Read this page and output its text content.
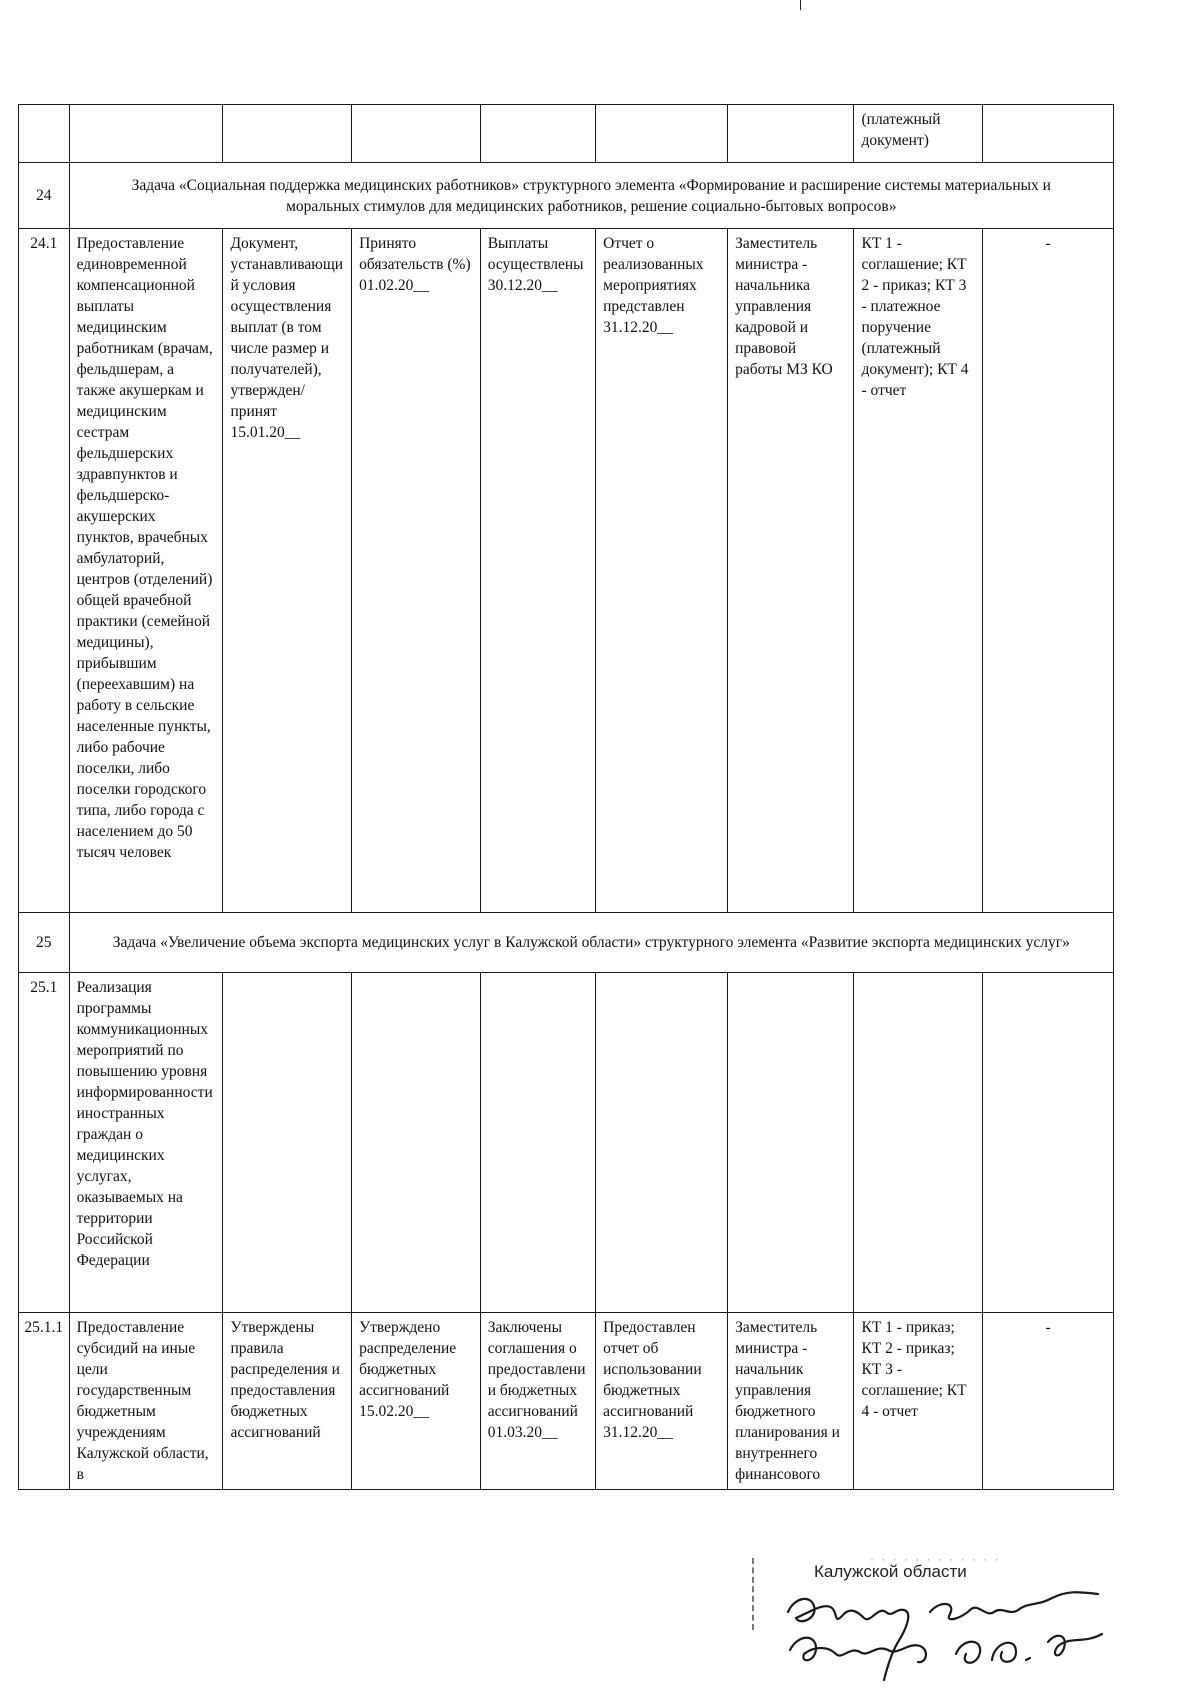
							(платежный документ)	
24	Задача «Социальная поддержка медицинских работников» структурного элемента «Формирование и расширение системы материальных и моральных стимулов для медицинских работников, решение социально-бытовых вопросов»							
24.1	Предоставление единовременной компенсационной выплаты медицинским работникам (врачам, фельдшерам, а также акушеркам и медицинским сестрам фельдшерских здравпунктов и фельдшерско-акушерских пунктов, врачебных амбулаторий, центров (отделений) общей врачебной практики (семейной медицины), прибывшим (переехавшим) на работу в сельские населенные пункты, либо рабочие поселки, либо поселки городского типа, либо города с населением до 50 тысяч человек	Документ, устанавливающий условия осуществления выплат (в том числе размер и получателей), утвержден/принят 15.01.20__	Принято обязательств (%) 01.02.20__	Выплаты осуществлены 30.12.20__	Отчет о реализованных мероприятиях представлен 31.12.20__	Заместитель министра - начальника управления кадровой и правовой работы МЗ КО	КТ 1 - соглашение; КТ 2 - приказ; КТ 3 - платежное поручение (платежный документ); КТ 4 - отчет	-
25	Задача «Увеличение объема экспорта медицинских услуг в Калужской области» структурного элемента «Развитие экспорта медицинских услуг»							
25.1	Реализация программы коммуникационных мероприятий по повышению уровня информированности иностранных граждан о медицинских услугах, оказываемых на территории Российской Федерации							
25.1.1	Предоставление субсидий на иные цели государственным бюджетным учреждениям Калужской области, в	Утверждены правила распределения и предоставления бюджетных ассигнований	Утверждено распределение бюджетных ассигнований 15.02.20__	Заключены соглашения о предоставлении бюджетных ассигнований 01.03.20__	Предоставлен отчет об использовании бюджетных ассигнований 31.12.20__	Заместитель министра - начальник управления бюджетного планирования и внутреннего финансового	КТ 1 - приказ; КТ 2 - приказ; КТ 3 - соглашение; КТ 4 - отчет	-
· · · · · · · · · · · ·
Калужской области
